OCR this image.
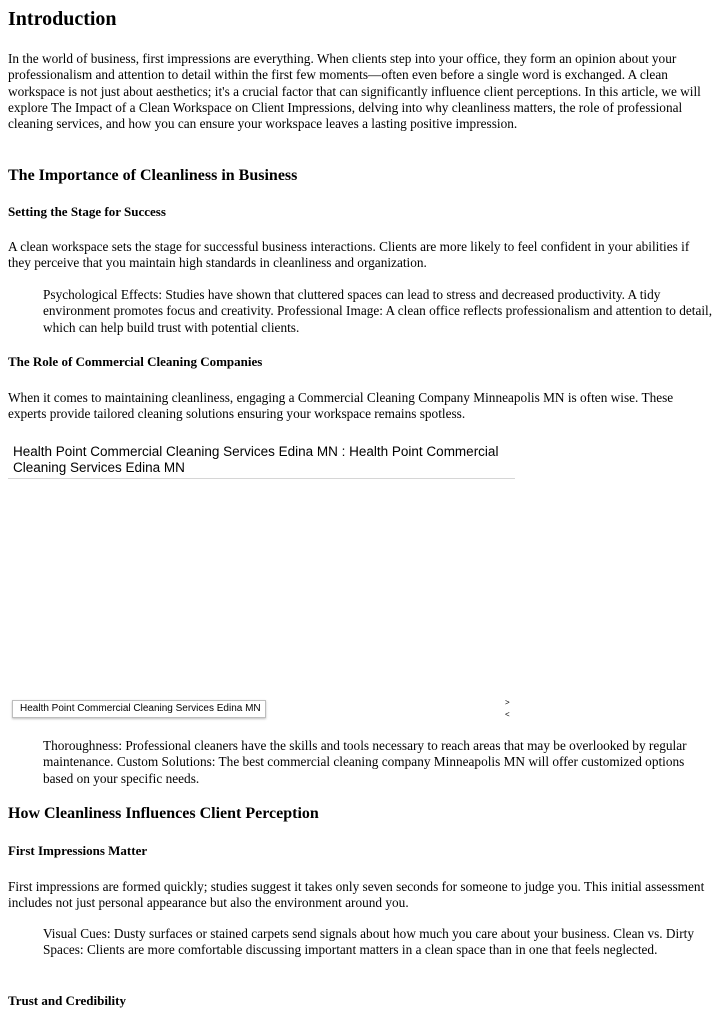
Introduction

In the world of business, first impressions are everything. When clients step into your office, they form an opinion about your professionalism and attention to detail within the first few moments—often even before a single word is exchanged. A clean workspace is not just about aesthetics; it's a crucial factor that can significantly influence client perceptions. In this article, we will explore The Impact of a Clean Workspace on Client Impressions, delving into why cleanliness matters, the role of professional cleaning services, and how you can ensure your workspace leaves a lasting positive impression.

The Importance of Cleanliness in Business
Setting the Stage for Success

A clean workspace sets the stage for successful business interactions. Clients are more likely to feel confident in your abilities if they perceive that you maintain high standards in cleanliness and organization.

Psychological Effects: Studies have shown that cluttered spaces can lead to stress and decreased productivity. A tidy environment promotes focus and creativity. Professional Image: A clean office reflects professionalism and attention to detail, which can help build trust with potential clients.

The Role of Commercial Cleaning Companies

When it comes to maintaining cleanliness, engaging a Commercial Cleaning Company Minneapolis MN is often wise. These experts provide tailored cleaning solutions ensuring your workspace remains spotless.

Health Point Commercial Cleaning Services Edina MN : Health Point Commercial Cleaning Services Edina MN
Health Point Commercial Cleaning Services Edina MN
>
<

Thoroughness: Professional cleaners have the skills and tools necessary to reach areas that may be overlooked by regular maintenance. Custom Solutions: The best commercial cleaning company Minneapolis MN will offer customized options based on your specific needs.

How Cleanliness Influences Client Perception
First Impressions Matter

First impressions are formed quickly; studies suggest it takes only seven seconds for someone to judge you. This initial assessment includes not just personal appearance but also the environment around you.

Visual Cues: Dusty surfaces or stained carpets send signals about how much you care about your business. Clean vs. Dirty Spaces: Clients are more comfortable discussing important matters in a clean space than in one that feels neglected.

Trust and Credibility
